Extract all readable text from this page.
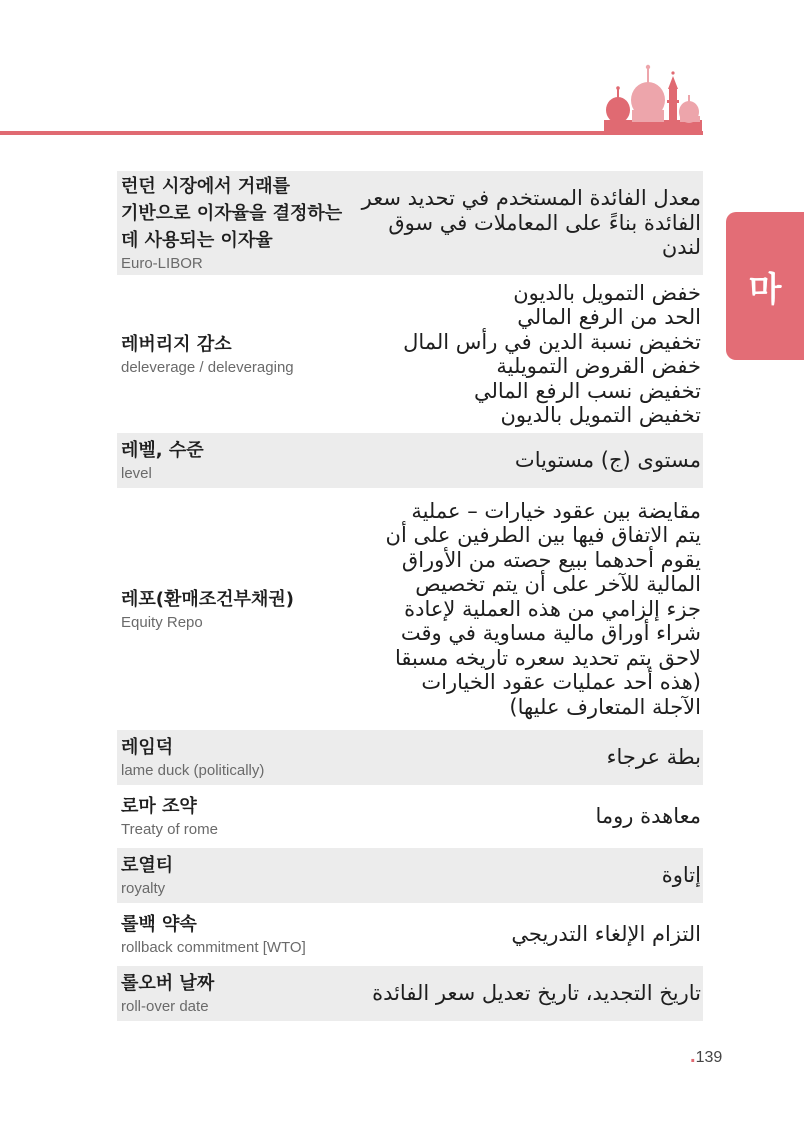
마
런던 시장에서 거래를
기반으로 이자율을 결정하는
데 사용되는 이자율
Euro-LIBOR
معدل الفائدة المستخدم في تحديد سعر
الفائدة بناءً على المعاملات في سوق لندن
레버리지 감소
deleverage / deleveraging
خفض التمويل بالديون
الحد من الرفع المالي
تخفيض نسبة الدين في رأس المال
خفض القروض التمويلية
تخفيض نسب الرفع المالي
تخفيض التمويل بالديون
레벨, 수준
level
مستوى (ج) مستويات
레포(환매조건부채권)
Equity Repo
مقايضة بين عقود خيارات – عملية
يتم الاتفاق فيها بين الطرفين على أن
يقوم أحدهما ببيع حصته من الأوراق
المالية للآخر على أن يتم تخصيص
جزء إلزامي من هذه العملية لإعادة
شراء أوراق مالية مساوية في وقت
لاحق يتم تحديد سعره تاريخه مسبقا
(هذه أحد عمليات عقود الخيارات
الآجلة المتعارف عليها)
레임덕
lame duck (politically)
بطة عرجاء
로마 조약
Treaty of rome
معاهدة روما
로열티
royalty
إتاوة
롤백 약속
rollback commitment [WTO]
التزام الإلغاء التدريجي
롤오버 날짜
roll-over date
تاريخ التجديد، تاريخ تعديل سعر الفائدة
.139
